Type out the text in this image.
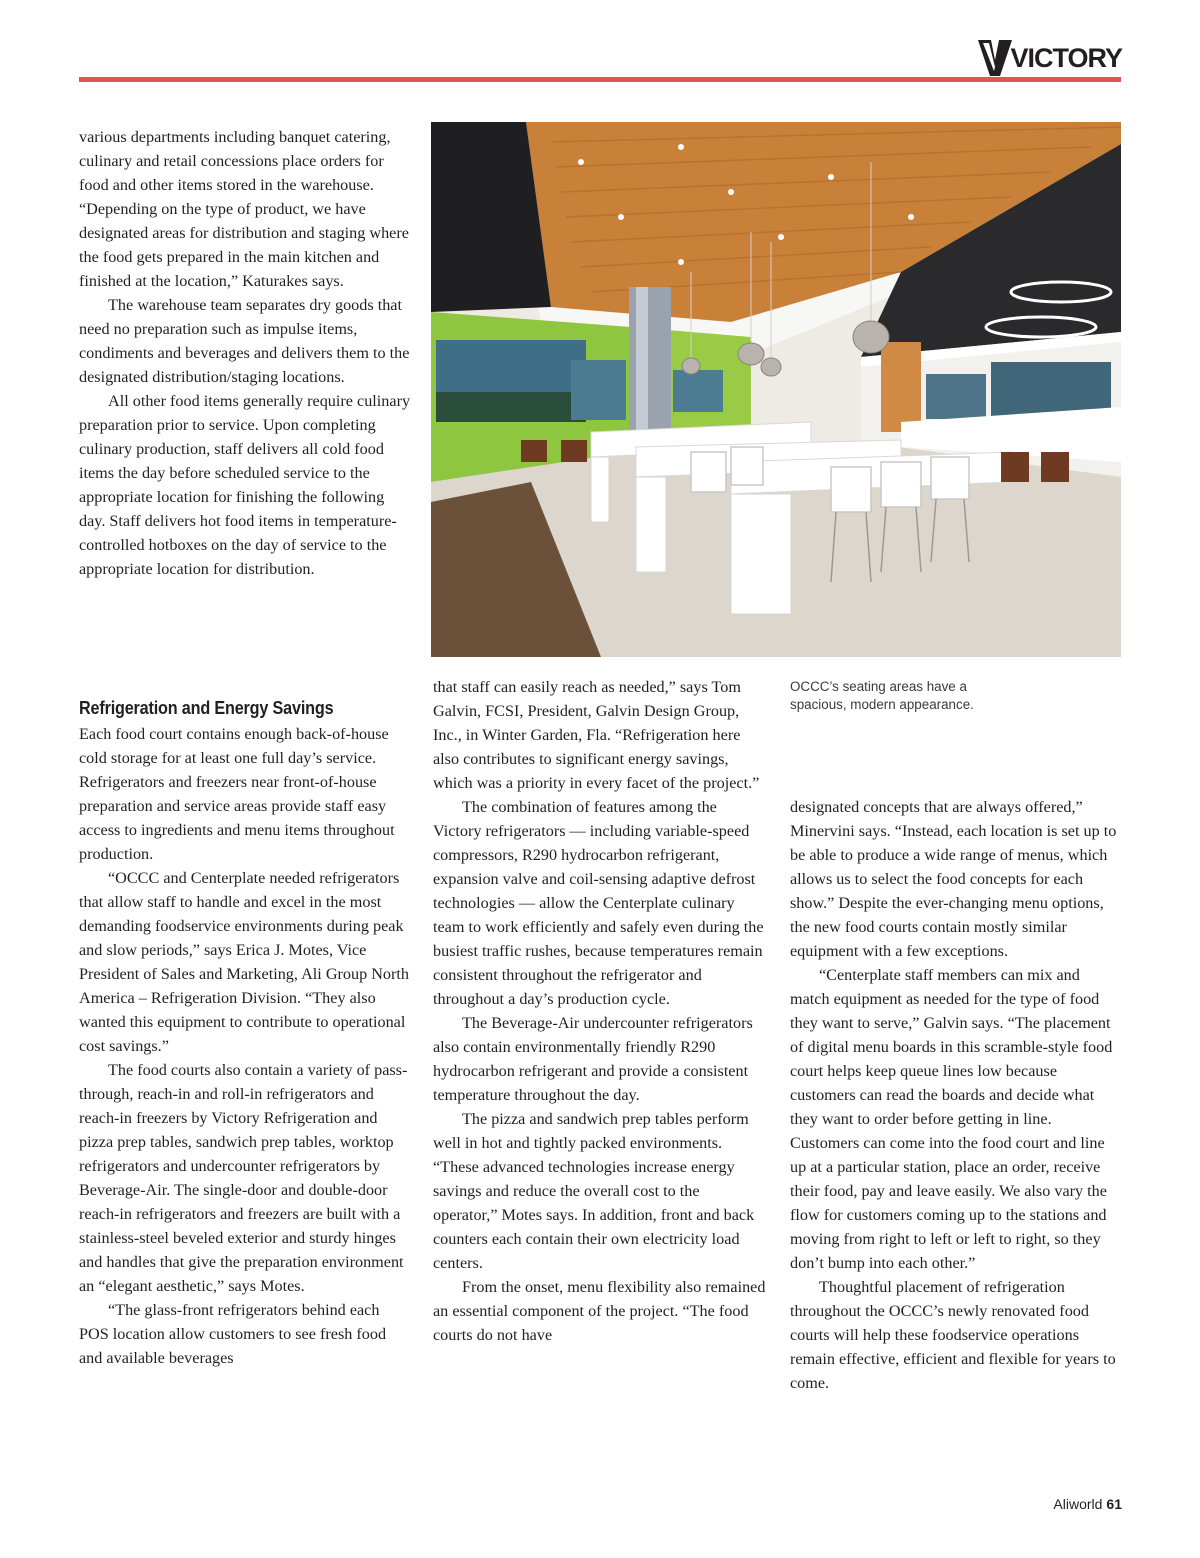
VICTORY

various departments including banquet catering, culinary and retail concessions place orders for food and other items stored in the warehouse. “Depending on the type of product, we have designated areas for distribution and staging where the food gets prepared in the main kitchen and finished at the location,” Katurakes says.

The warehouse team separates dry goods that need no preparation such as impulse items, condiments and beverages and delivers them to the designated distribution/staging locations.

All other food items generally require culinary preparation prior to service. Upon completing culinary production, staff delivers all cold food items the day before scheduled service to the appropriate location for finishing the following day. Staff delivers hot food items in temperature-controlled hotboxes on the day of service to the appropriate location for distribution.

Refrigeration and Energy Savings

Each food court contains enough back-of-house cold storage for at least one full day’s service. Refrigerators and freezers near front-of-house preparation and service areas provide staff easy access to ingredients and menu items throughout production.

“OCCC and Centerplate needed refrigerators that allow staff to handle and excel in the most demanding foodservice environments during peak and slow periods,” says Erica J. Motes, Vice President of Sales and Marketing, Ali Group North America – Refrigeration Division. “They also wanted this equipment to contribute to operational cost savings.”

The food courts also contain a variety of pass-through, reach-in and roll-in refrigerators and reach-in freezers by Victory Refrigeration and pizza prep tables, sandwich prep tables, worktop refrigerators and undercounter refrigerators by Beverage-Air. The single-door and double-door reach-in refrigerators and freezers are built with a stainless-steel beveled exterior and sturdy hinges and handles that give the preparation environment an “elegant aesthetic,” says Motes.

“The glass-front refrigerators behind each POS location allow customers to see fresh food and available beverages

that staff can easily reach as needed,” says Tom Galvin, FCSI, President, Galvin Design Group, Inc., in Winter Garden, Fla. “Refrigeration here also contributes to significant energy savings, which was a priority in every facet of the project.”

The combination of features among the Victory refrigerators — including variable-speed compressors, R290 hydrocarbon refrigerant, expansion valve and coil-sensing adaptive defrost technologies — allow the Centerplate culinary team to work efficiently and safely even during the busiest traffic rushes, because temperatures remain consistent throughout the refrigerator and throughout a day’s production cycle.

The Beverage-Air undercounter refrigerators also contain environmentally friendly R290 hydrocarbon refrigerant and provide a consistent temperature throughout the day.

The pizza and sandwich prep tables perform well in hot and tightly packed environments. “These advanced technologies increase energy savings and reduce the overall cost to the operator,” Motes says. In addition, front and back counters each contain their own electricity load centers.

From the onset, menu flexibility also remained an essential component of the project. “The food courts do not have

OCCC’s seating areas have a spacious, modern appearance.

designated concepts that are always offered,” Minervini says. “Instead, each location is set up to be able to produce a wide range of menus, which allows us to select the food concepts for each show.” Despite the ever-changing menu options, the new food courts contain mostly similar equipment with a few exceptions.

“Centerplate staff members can mix and match equipment as needed for the type of food they want to serve,” Galvin says. “The placement of digital menu boards in this scramble-style food court helps keep queue lines low because customers can read the boards and decide what they want to order before getting in line. Customers can come into the food court and line up at a particular station, place an order, receive their food, pay and leave easily. We also vary the flow for customers coming up to the stations and moving from right to left or left to right, so they don’t bump into each other.”

Thoughtful placement of refrigeration throughout the OCCC’s newly renovated food courts will help these foodservice operations remain effective, efficient and flexible for years to come.

Aliworld 61
